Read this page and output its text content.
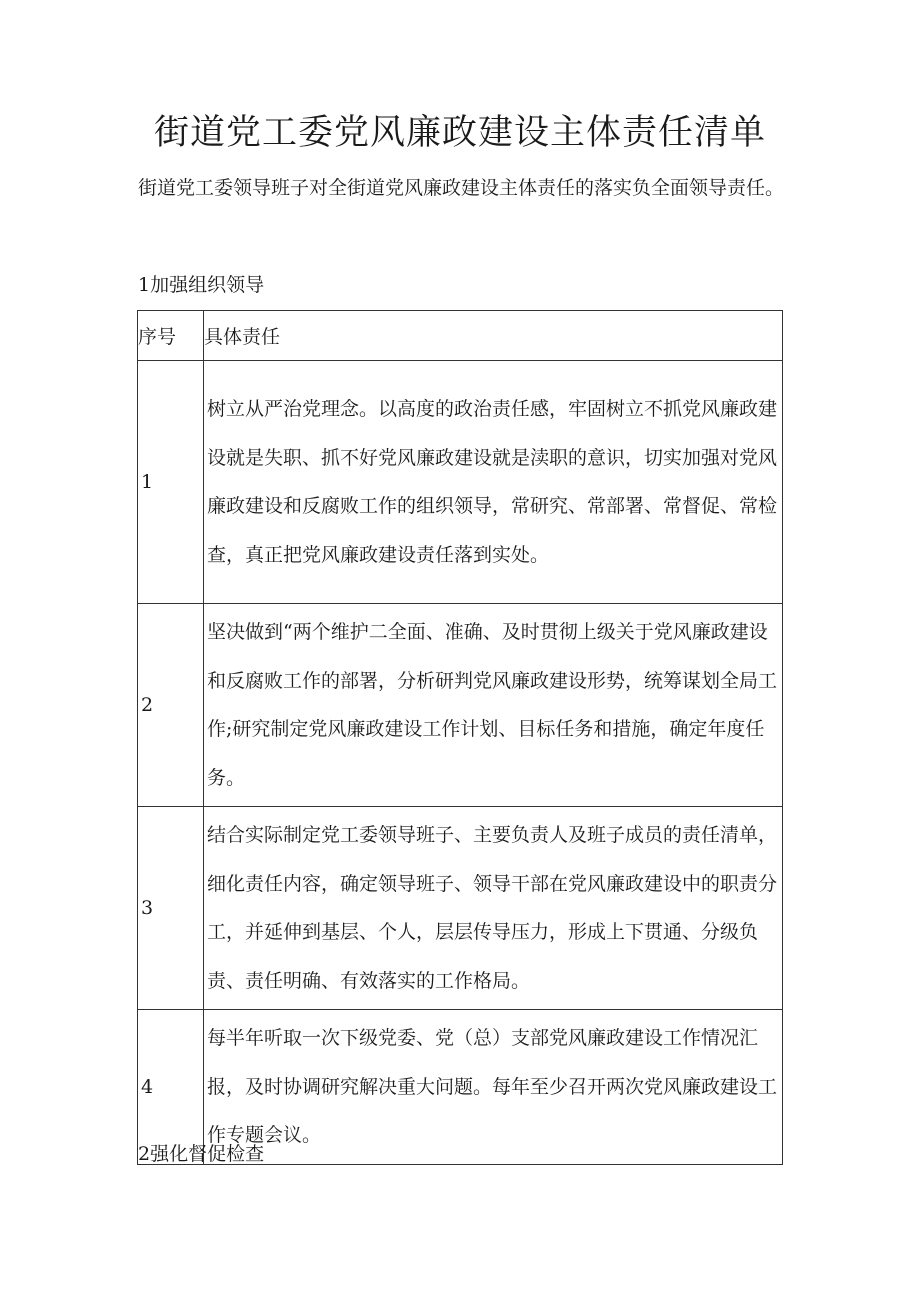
街道党工委党风廉政建设主体责任清单

街道党工委领导班子对全街道党风廉政建设主体责任的落实负全面领导责任。

1加强组织领导
序号	具体责任
1	树立从严治党理念。以高度的政治责任感，牢固树立不抓党风廉政建设就是失职、抓不好党风廉政建设就是渎职的意识，切实加强对党风廉政建设和反腐败工作的组织领导，常研究、常部署、常督促、常检查，真正把党风廉政建设责任落到实处。
2	坚决做到“两个维护二全面、准确、及时贯彻上级关于党风廉政建设和反腐败工作的部署，分析研判党风廉政建设形势，统筹谋划全局工作;研究制定党风廉政建设工作计划、目标任务和措施，确定年度任务。
3	结合实际制定党工委领导班子、主要负责人及班子成员的责任清单，细化责任内容，确定领导班子、领导干部在党风廉政建设中的职责分工，并延伸到基层、个人，层层传导压力，形成上下贯通、分级负责、责任明确、有效落实的工作格局。
4	每半年听取一次下级党委、党（总）支部党风廉政建设工作情况汇报，及时协调研究解决重大问题。每年至少召开两次党风廉政建设工作专题会议。
2强化督促检查
